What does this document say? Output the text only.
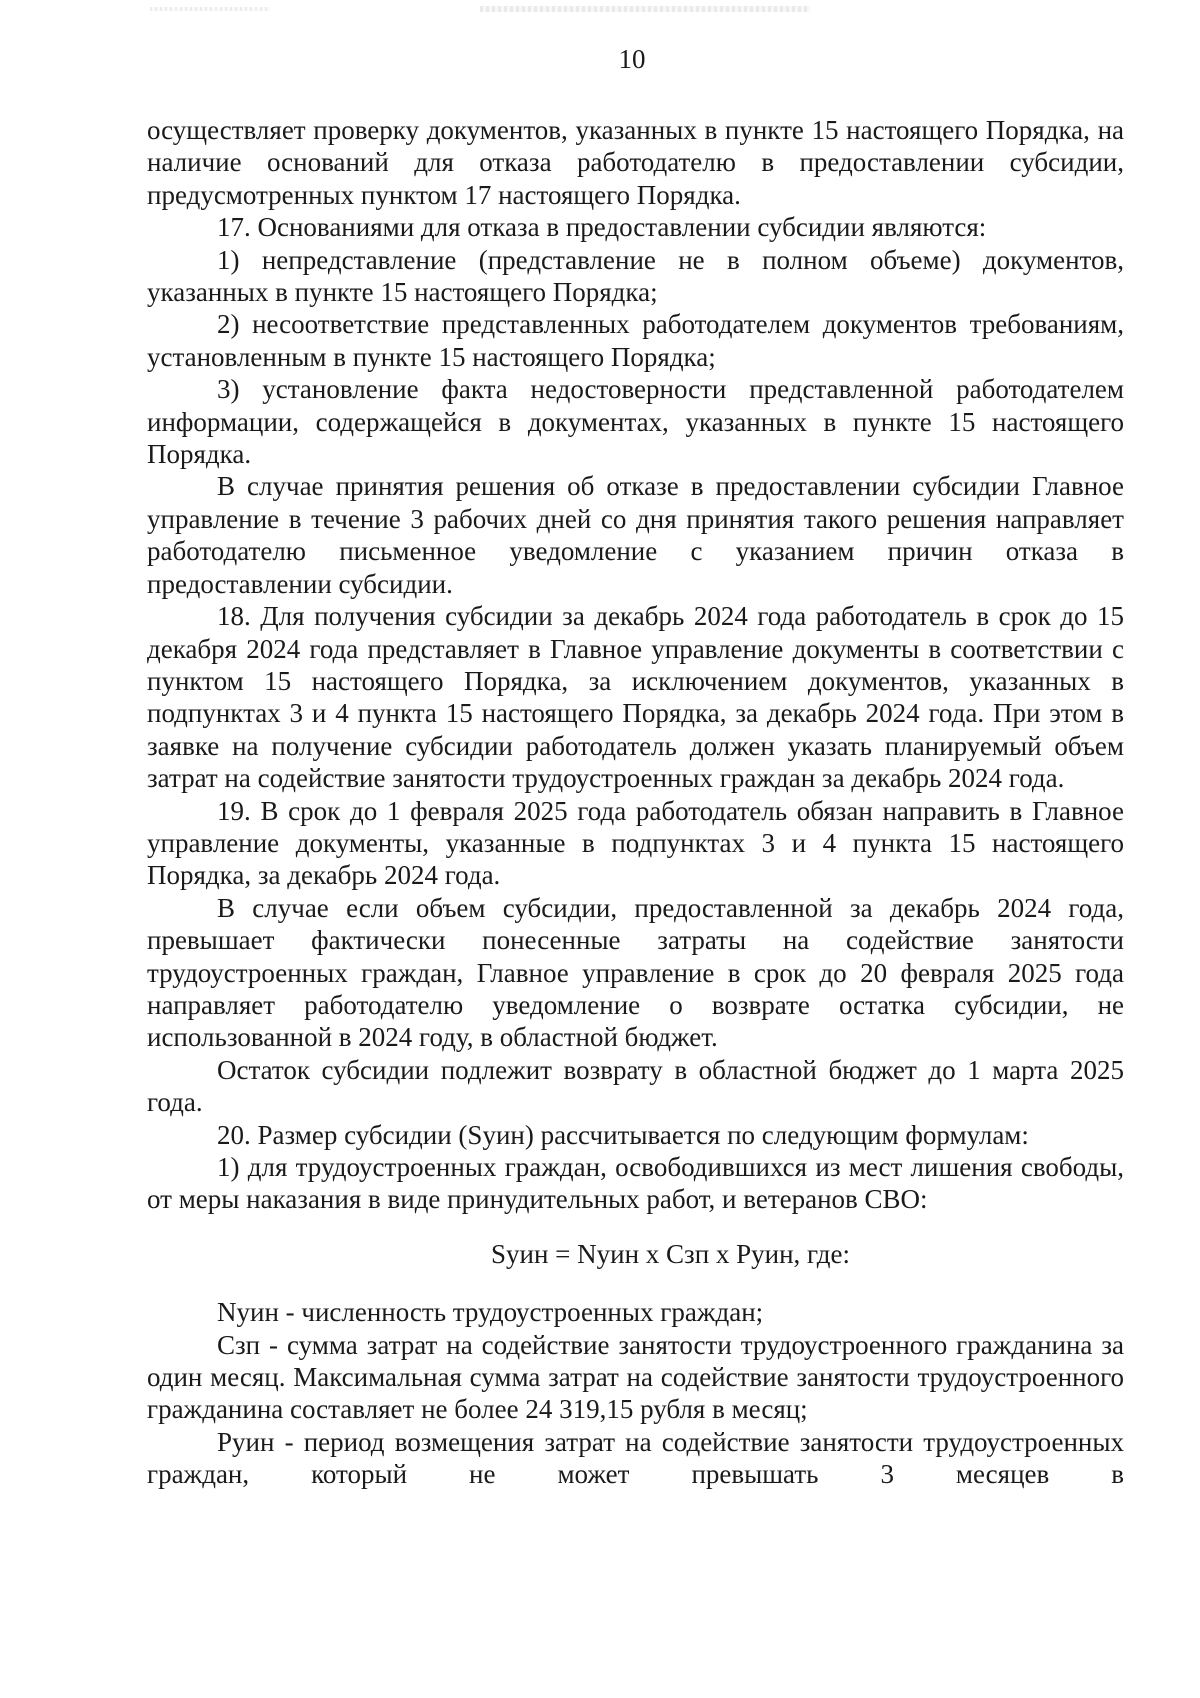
10

осуществляет проверку документов, указанных в пункте 15 настоящего Порядка, на наличие оснований для отказа работодателю в предоставлении субсидии, предусмотренных пунктом 17 настоящего Порядка.

17. Основаниями для отказа в предоставлении субсидии являются:

1) непредставление (представление не в полном объеме) документов, указанных в пункте 15 настоящего Порядка;

2) несоответствие представленных работодателем документов требованиям, установленным в пункте 15 настоящего Порядка;

3) установление факта недостоверности представленной работодателем информации, содержащейся в документах, указанных в пункте 15 настоящего Порядка.

В случае принятия решения об отказе в предоставлении субсидии Главное управление в течение 3 рабочих дней со дня принятия такого решения направляет работодателю письменное уведомление с указанием причин отказа в предоставлении субсидии.

18. Для получения субсидии за декабрь 2024 года работодатель в срок до 15 декабря 2024 года представляет в Главное управление документы в соответствии с пунктом 15 настоящего Порядка, за исключением документов, указанных в подпунктах 3 и 4 пункта 15 настоящего Порядка, за декабрь 2024 года. При этом в заявке на получение субсидии работодатель должен указать планируемый объем затрат на содействие занятости трудоустроенных граждан за декабрь 2024 года.

19. В срок до 1 февраля 2025 года работодатель обязан направить в Главное управление документы, указанные в подпунктах 3 и 4 пункта 15 настоящего Порядка, за декабрь 2024 года.

В случае если объем субсидии, предоставленной за декабрь 2024 года, превышает фактически понесенные затраты на содействие занятости трудоустроенных граждан, Главное управление в срок до 20 февраля 2025 года направляет работодателю уведомление о возврате остатка субсидии, не использованной в 2024 году, в областной бюджет.

Остаток субсидии подлежит возврату в областной бюджет до 1 марта 2025 года.

20. Размер субсидии (Sуин) рассчитывается по следующим формулам:

1) для трудоустроенных граждан, освободившихся из мест лишения свободы, от меры наказания в виде принудительных работ, и ветеранов СВО:

Sуин = Nуин х Сзп х Руин, где:

Nуин - численность трудоустроенных граждан;

Сзп - сумма затрат на содействие занятости трудоустроенного гражданина за один месяц. Максимальная сумма затрат на содействие занятости трудоустроенного гражданина составляет не более 24 319,15 рубля в месяц;

Руин - период возмещения затрат на содействие занятости трудоустроенных граждан, который не может превышать 3 месяцев в
